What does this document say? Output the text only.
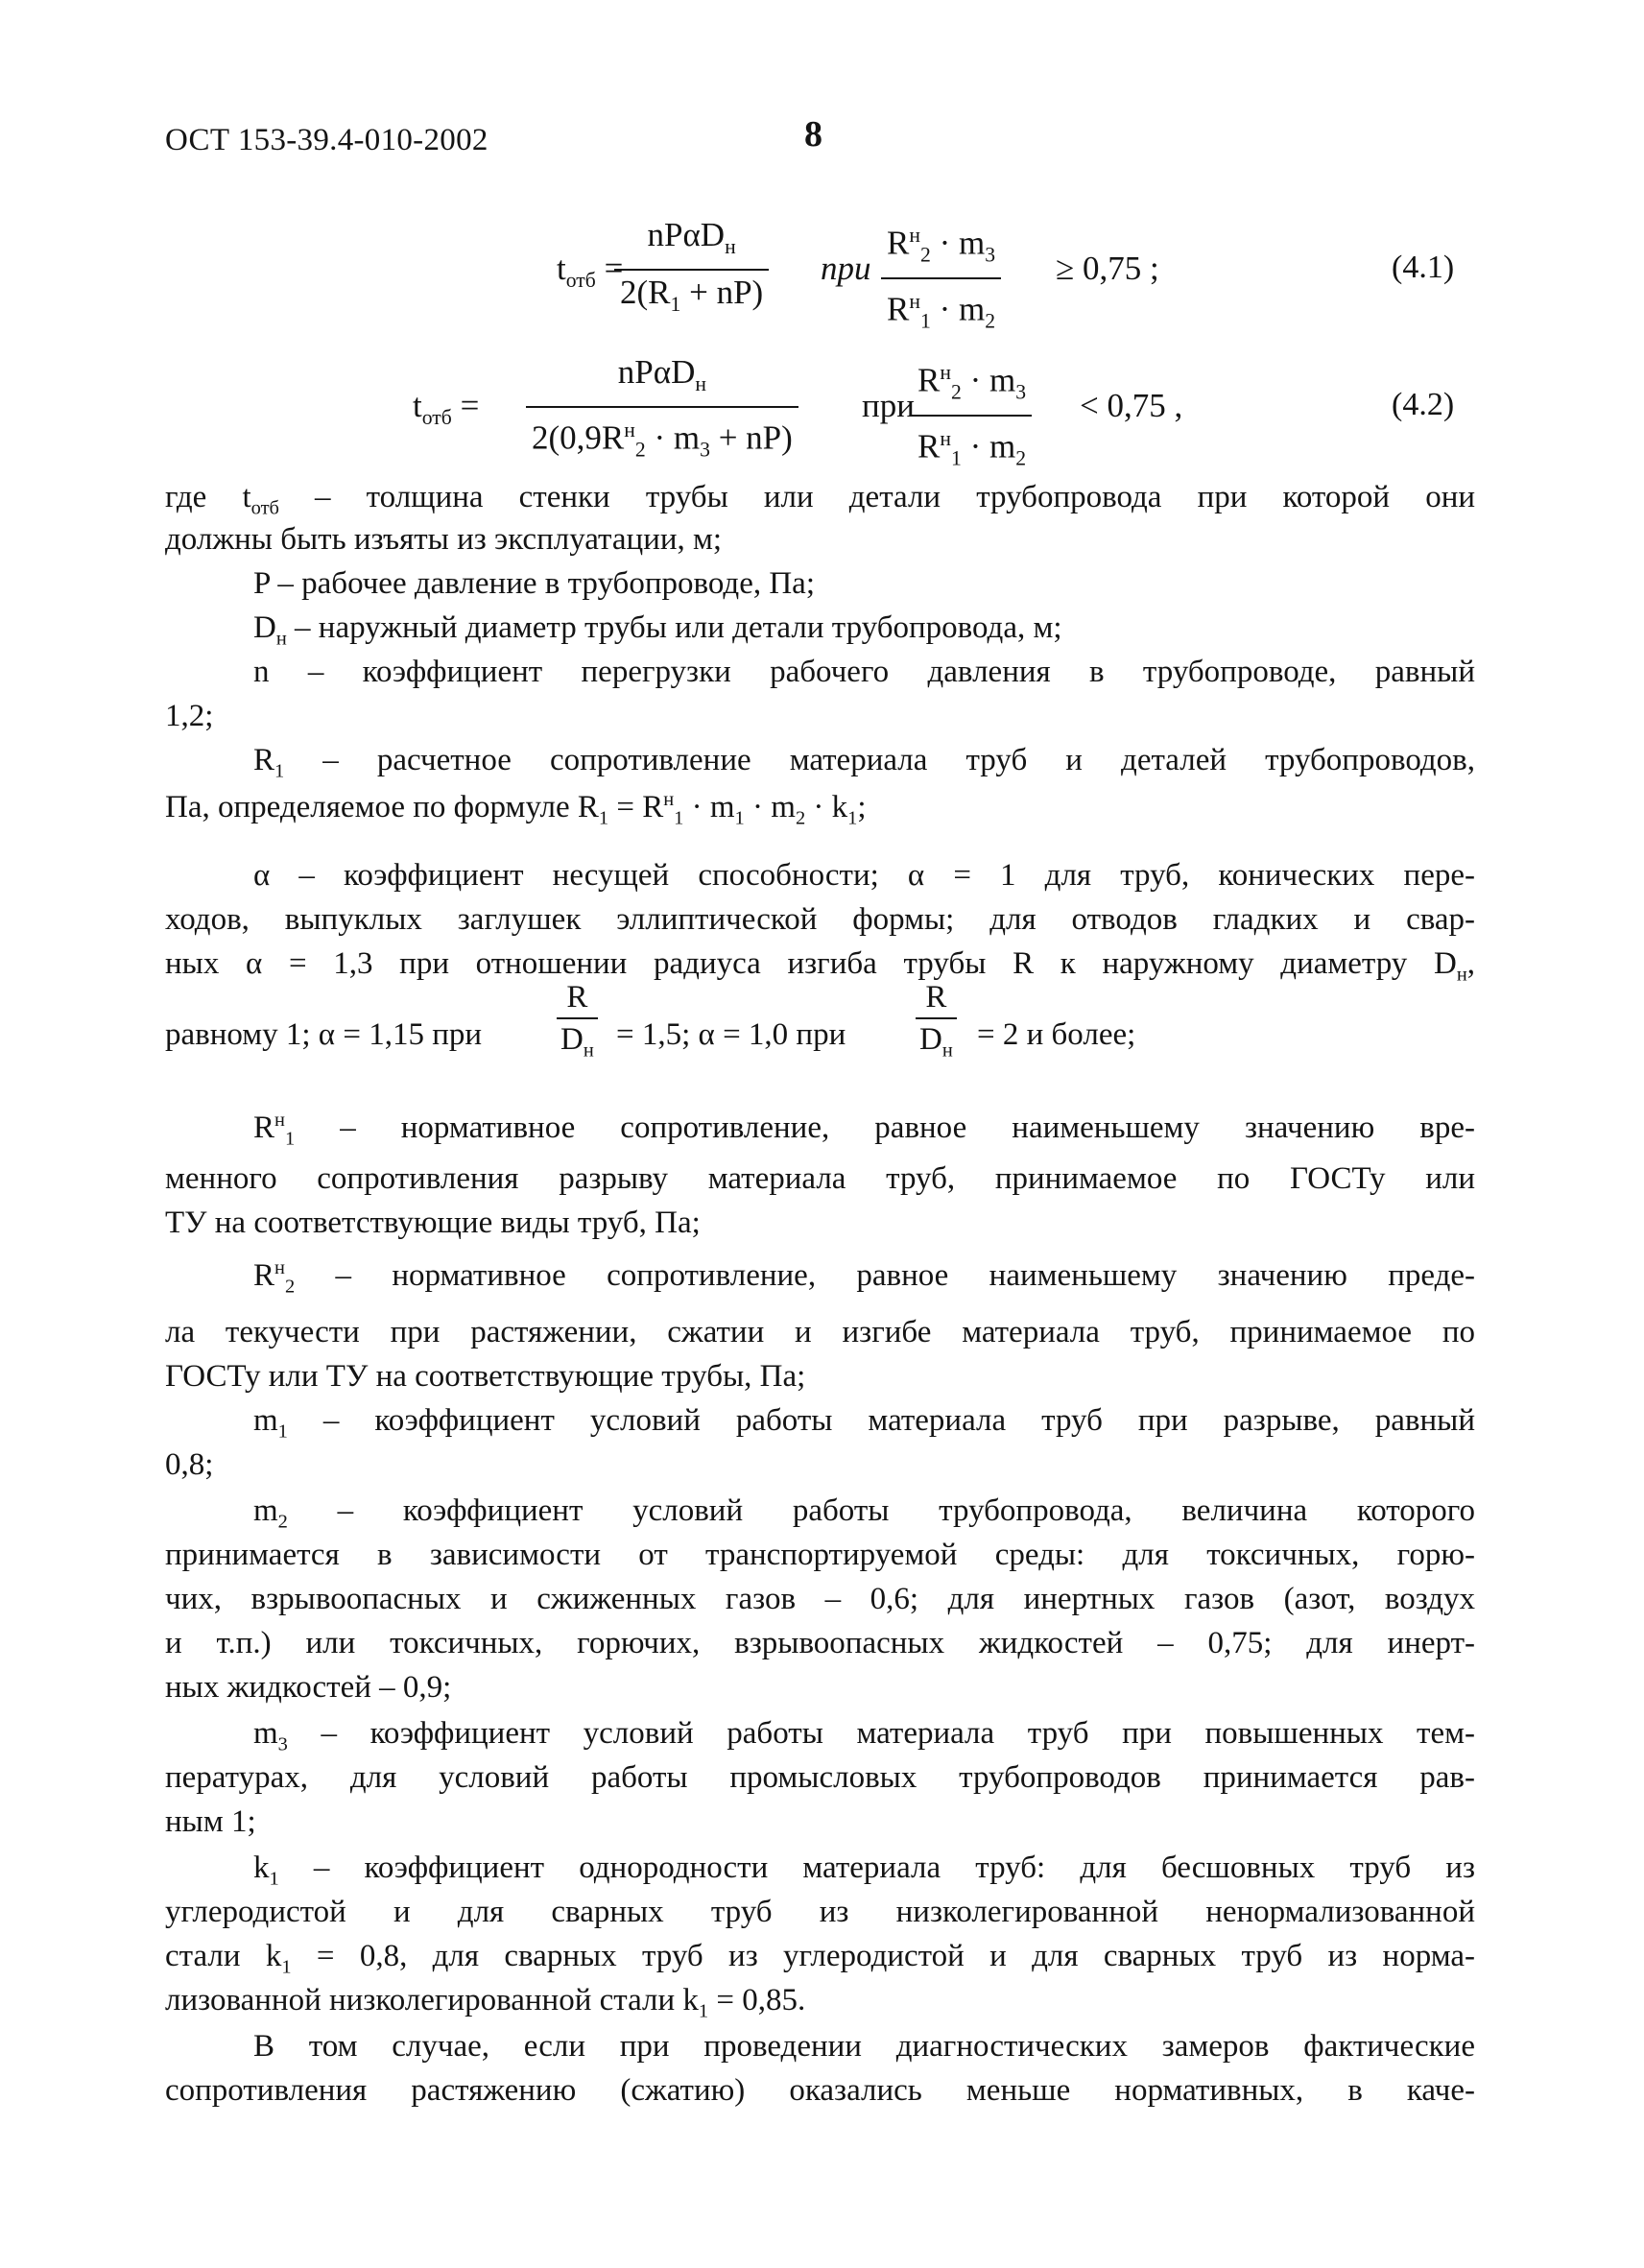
ОСТ 153-39.4-010-2002	8
$t_{отб}$ =
nPαD$_н$
$2(R_1 + nP)$
при
$R^н_2 \cdot m_3$
$R^н_1 \cdot m_2$
≥ 0,75 ;	(4.1)
$t_{отб}$ =
nPαD$_н$
$2(0,9R^н_2 \cdot m_3 + nP)$
при
$R^н_2 \cdot m_3$
$R^н_1 \cdot m_2$
< 0,75 ,	(4.2)
где $t_{отб}$ – толщина стенки трубы или детали трубопровода при которой они
должны быть изъяты из эксплуатации, м;
P – рабочее давление в трубопроводе, Па;
$D_н$ – наружный диаметр трубы или детали трубопровода, м;
n – коэффициент перегрузки рабочего давления в трубопроводе, равный
1,2;
$R_1$ – расчетное сопротивление материала труб и деталей трубопроводов,
Па, определяемое по формуле $R_1 = R^н_1 \cdot m_1 \cdot m_2 \cdot k_1$;
α – коэффициент несущей способности; α = 1 для труб, конических пере-
ходов, выпуклых заглушек эллиптической формы; для отводов гладких и свар-
ных α = 1,3 при отношении радиуса изгиба трубы R к наружному диаметру $D_н$,
равному 1; α = 1,15 при
R
$D_н = 1,5$; α = 1,0 при
R
$D_н = 2$ и более;
$R^н_1$ – нормативное сопротивление, равное наименьшему значению вре-
менного сопротивления разрыву материала труб, принимаемое по ГОСТу или
ТУ на соответствующие виды труб, Па;
$R^н_2$ – нормативное сопротивление, равное наименьшему значению преде-
ла текучести при растяжении, сжатии и изгибе материала труб, принимаемое по
ГОСТу или ТУ на соответствующие трубы, Па;
$m_1$ – коэффициент условий работы материала труб при разрыве, равный
0,8;
$m_2$ – коэффициент условий работы трубопровода, величина которого
принимается в зависимости от транспортируемой среды: для токсичных, горю-
чих, взрывоопасных и сжиженных газов – 0,6; для инертных газов (азот, воздух
и т.п.) или токсичных, горючих, взрывоопасных жидкостей – 0,75; для инерт-
ных жидкостей – 0,9;
$m_3$ – коэффициент условий работы материала труб при повышенных тем-
пературах, для условий работы промысловых трубопроводов принимается рав-
ным 1;
$k_1$ – коэффициент однородности материала труб: для бесшовных труб из
углеродистой и для сварных труб из низколегированной ненормализованной
стали $k_1 = 0,8$, для сварных труб из углеродистой и для сварных труб из норма-
лизованной низколегированной стали $k_1 = 0,85$.
В том случае, если при проведении диагностических замеров фактические
сопротивления растяжению (сжатию) оказались меньше нормативных, в каче-
